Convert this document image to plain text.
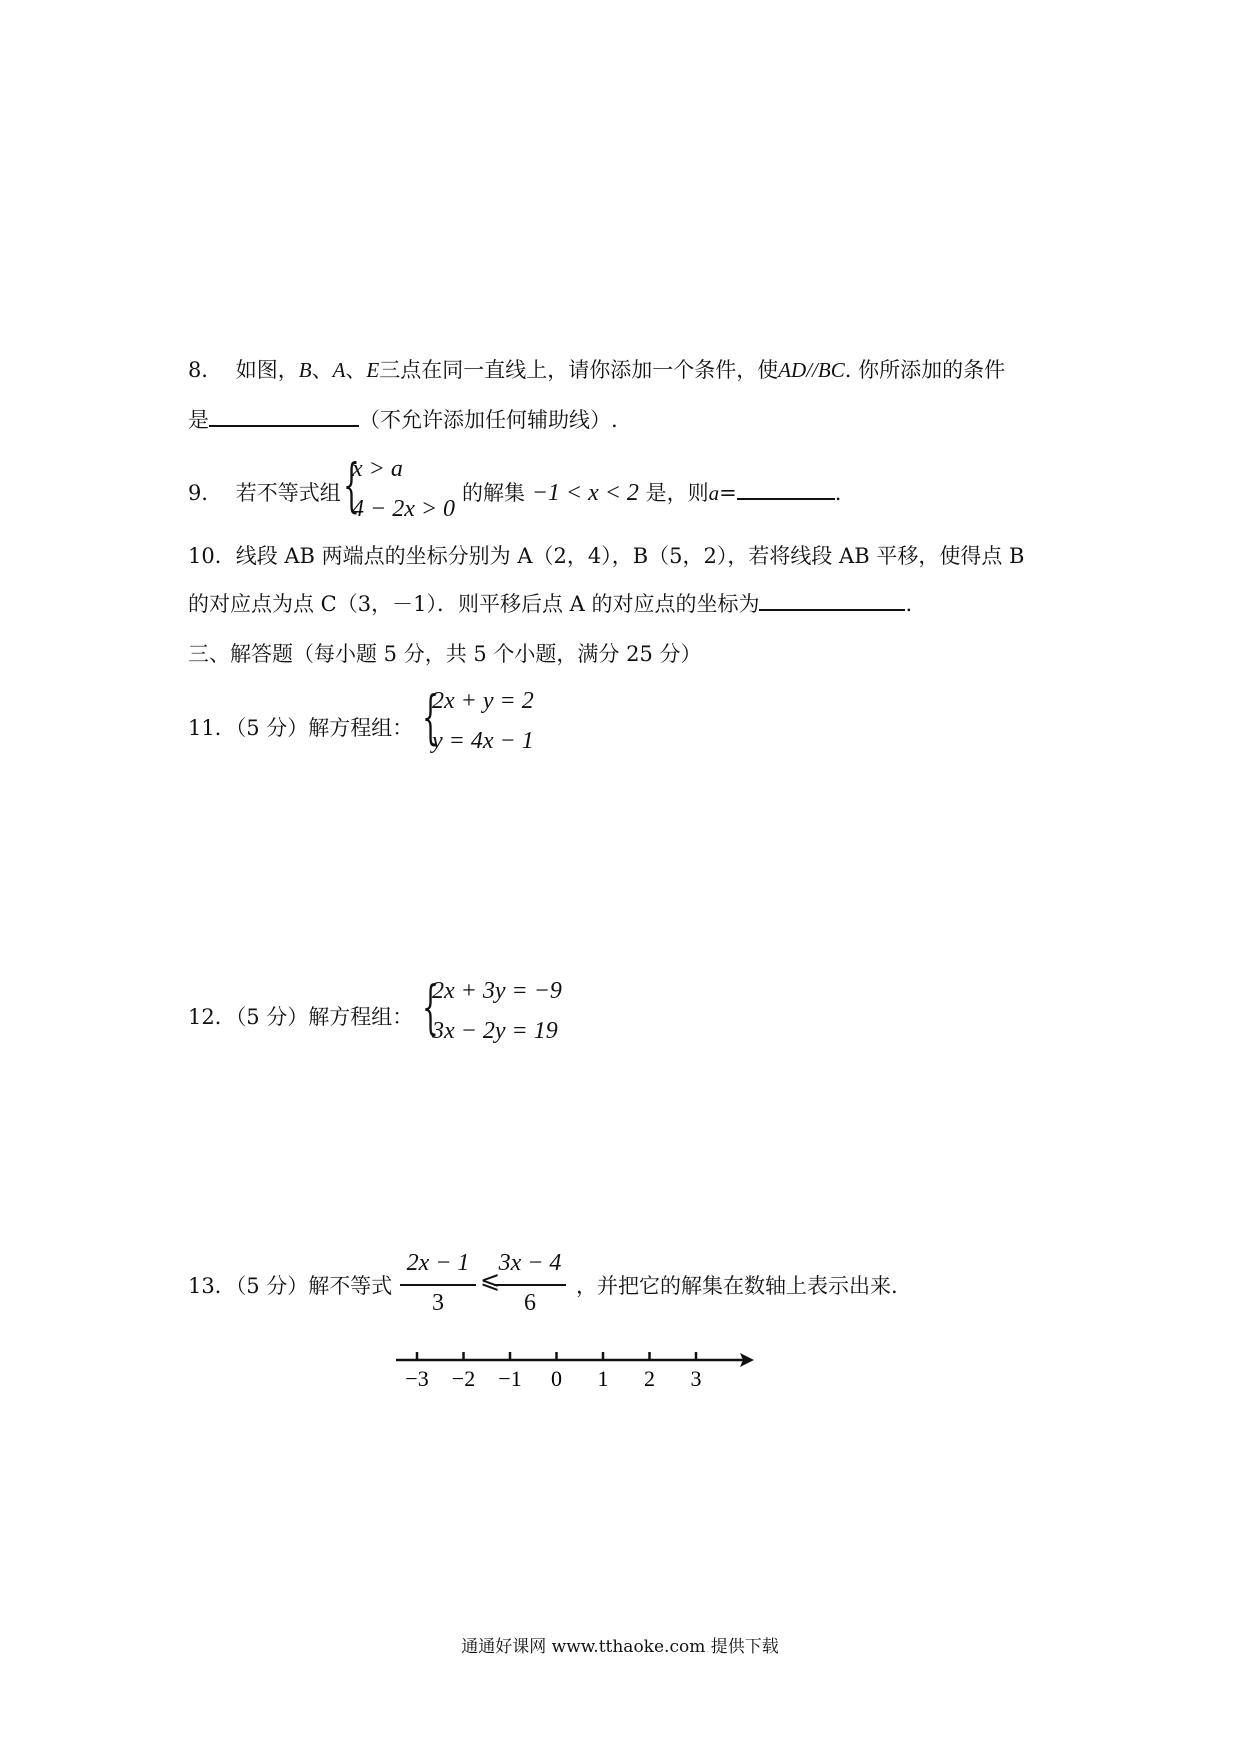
8． 如图，B、A、E三点在同一直线上，请你添加一个条件，使AD//BC. 你所添加的条件
是	（不允许添加任何辅助线）.
9． 若不等式组 {
x > a
4 − 2x > 0
的解集 −1 < x < 2 是，则a=	.
10．线段 AB 两端点的坐标分别为 A（2，4），B（5，2），若将线段 AB 平移，使得点 B
的对应点为点 C（3，－1）．则平移后点 A 的对应点的坐标为	.
三、解答题（每小题 5 分，共 5 个小题，满分 25 分）
11．（5 分）解方程组： {
2x + y = 2
y = 4x − 1
12．（5 分）解方程组： {
2x + 3y = −9
3x − 2y = 19
13．（5 分）解不等式
2x − 1
3
⩽
3x − 4
6
，并把它的解集在数轴上表示出来.
−3 −2 −1 0 1 2 3
通通好课网 www.tthaoke.com 提供下载
